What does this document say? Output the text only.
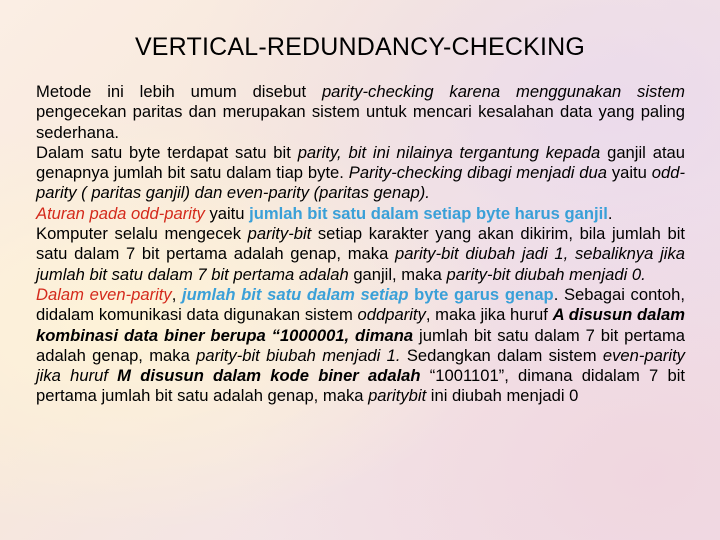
VERTICAL-REDUNDANCY-CHECKING

Metode ini lebih umum disebut parity-checking karena menggunakan sistem pengecekan paritas dan merupakan sistem untuk mencari kesalahan data yang paling sederhana.

Dalam satu byte terdapat satu bit parity, bit ini nilainya tergantung kepada ganjil atau genapnya jumlah bit satu dalam tiap byte. Parity-checking dibagi menjadi dua yaitu odd-parity ( paritas ganjil) dan even-parity (paritas genap).

Aturan pada odd-parity yaitu jumlah bit satu dalam setiap byte harus ganjil.

Komputer selalu mengecek parity-bit setiap karakter yang akan dikirim, bila jumlah bit satu dalam 7 bit pertama adalah genap, maka parity-bit diubah jadi 1, sebaliknya jika jumlah bit satu dalam 7 bit pertama adalah ganjil, maka parity-bit diubah menjadi 0.

Dalam even-parity, jumlah bit satu dalam setiap byte garus genap. Sebagai contoh, didalam komunikasi data digunakan sistem oddparity, maka jika huruf A disusun dalam kombinasi data biner berupa “1000001, dimana jumlah bit satu dalam 7 bit pertama adalah genap, maka parity-bit biubah menjadi 1. Sedangkan dalam sistem even-parity jika huruf M disusun dalam kode biner adalah “1001101”, dimana didalam 7 bit pertama jumlah bit satu adalah genap, maka paritybit ini diubah menjadi 0
